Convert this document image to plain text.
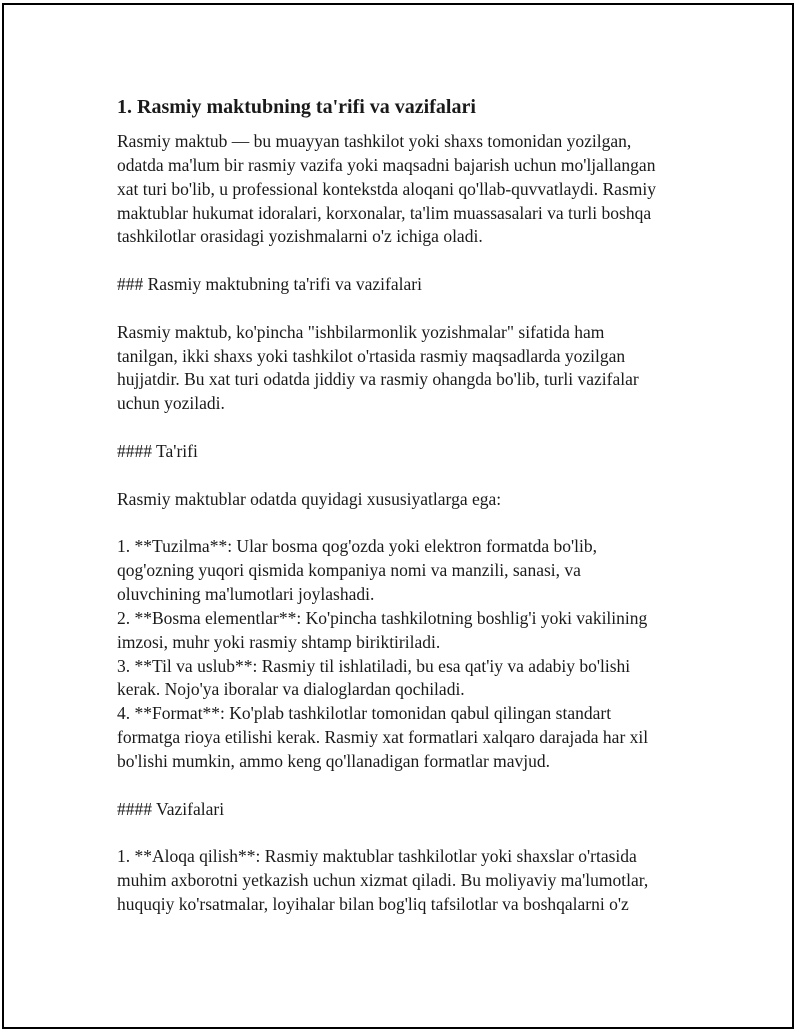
1. Rasmiy maktubning ta'rifi va vazifalari

Rasmiy maktub — bu muayyan tashkilot yoki shaxs tomonidan yozilgan,

odatda ma'lum bir rasmiy vazifa yoki maqsadni bajarish uchun mo'ljallangan

xat turi bo'lib, u professional kontekstda aloqani qo'llab-quvvatlaydi. Rasmiy

maktublar hukumat idoralari, korxonalar, ta'lim muassasalari va turli boshqa

tashkilotlar orasidagi yozishmalarni o'z ichiga oladi.

### Rasmiy maktubning ta'rifi va vazifalari

Rasmiy maktub, ko'pincha "ishbilarmonlik yozishmalar" sifatida ham

tanilgan, ikki shaxs yoki tashkilot o'rtasida rasmiy maqsadlarda yozilgan

hujjatdir. Bu xat turi odatda jiddiy va rasmiy ohangda bo'lib, turli vazifalar

uchun yoziladi.

#### Ta'rifi

Rasmiy maktublar odatda quyidagi xususiyatlarga ega:

1. **Tuzilma**: Ular bosma qog'ozda yoki elektron formatda bo'lib,

qog'ozning yuqori qismida kompaniya nomi va manzili, sanasi, va

oluvchining ma'lumotlari joylashadi.

2. **Bosma elementlar**: Ko'pincha tashkilotning boshlig'i yoki vakilining

imzosi, muhr yoki rasmiy shtamp biriktiriladi.

3. **Til va uslub**: Rasmiy til ishlatiladi, bu esa qat'iy va adabiy bo'lishi

kerak. Nojo'ya iboralar va dialoglardan qochiladi.

4. **Format**: Ko'plab tashkilotlar tomonidan qabul qilingan standart

formatga rioya etilishi kerak. Rasmiy xat formatlari xalqaro darajada har xil

bo'lishi mumkin, ammo keng qo'llanadigan formatlar mavjud.

#### Vazifalari

1. **Aloqa qilish**: Rasmiy maktublar tashkilotlar yoki shaxslar o'rtasida

muhim axborotni yetkazish uchun xizmat qiladi. Bu moliyaviy ma'lumotlar,

huquqiy ko'rsatmalar, loyihalar bilan bog'liq tafsilotlar va boshqalarni o'z
